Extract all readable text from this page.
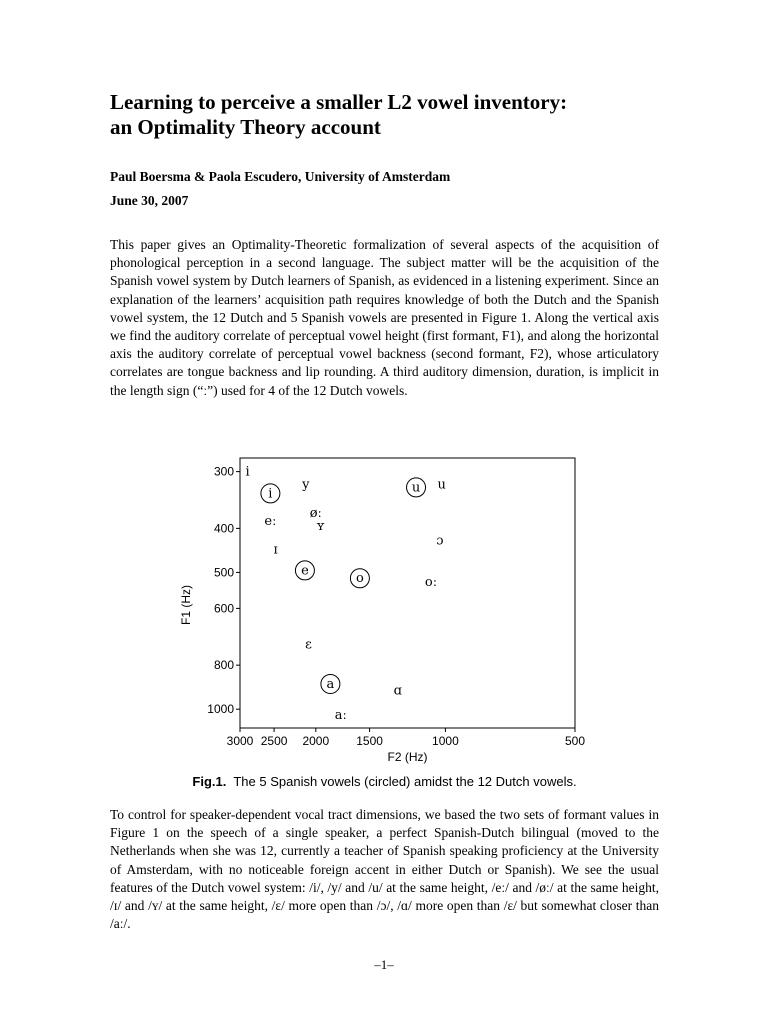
Learning to perceive a smaller L2 vowel inventory:
an Optimality Theory account

Paul Boersma & Paola Escudero, University of Amsterdam

June 30, 2007

This paper gives an Optimality-Theoretic formalization of several aspects of the acquisition of phonological perception in a second language. The subject matter will be the acquisition of the Spanish vowel system by Dutch learners of Spanish, as evidenced in a listening experiment. Since an explanation of the learners’ acquisition path requires knowledge of both the Dutch and the Spanish vowel system, the 12 Dutch and 5 Spanish vowels are presented in Figure 1. Along the vertical axis we find the auditory correlate of perceptual vowel height (first formant, F1), and along the horizontal axis the auditory correlate of perceptual vowel backness (second formant, F2), whose articulatory correlates are tongue backness and lip rounding. A third auditory dimension, duration, is implicit in the length sign (“ː”) used for 4 of the 12 Dutch vowels.

3000 2500 2000 1500	1000	500
300
400
500
600
800
1000
F2 (Hz)
F1 (Hz)
i
y	u
eː
øː
ʏ
ɪ
ɔ
oː
ɛ
ɑ
aː
i	u
e
o
a

Fig.1. The 5 Spanish vowels (circled) amidst the 12 Dutch vowels.

To control for speaker-dependent vocal tract dimensions, we based the two sets of formant values in Figure 1 on the speech of a single speaker, a perfect Spanish-Dutch bilingual (moved to the Netherlands when she was 12, currently a teacher of Spanish speaking proficiency at the University of Amsterdam, with no noticeable foreign accent in either Dutch or Spanish). We see the usual features of the Dutch vowel system: /i/, /y/ and /u/ at the same height, /eː/ and /øː/ at the same height, /ɪ/ and /ʏ/ at the same height, /ɛ/ more open than /ɔ/, /ɑ/ more open than /ɛ/ but somewhat closer than /aː/.

–1–
